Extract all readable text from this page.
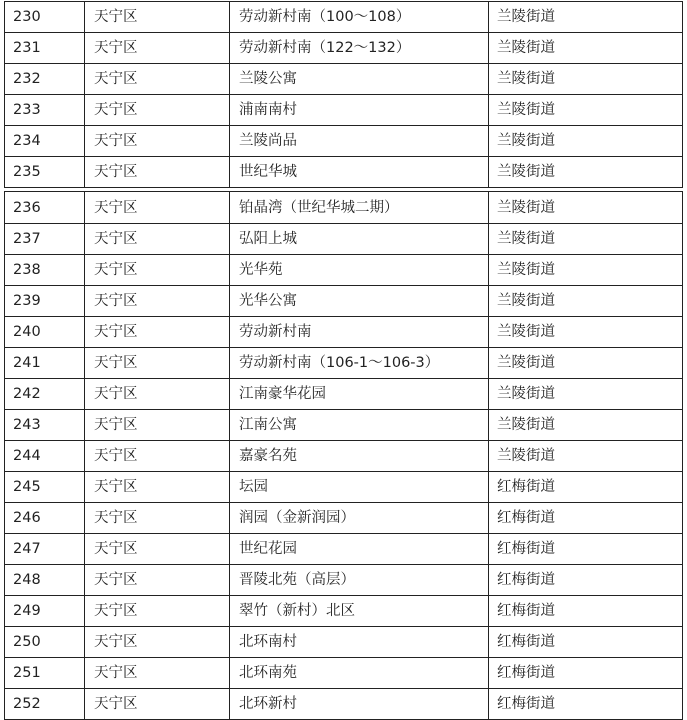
230	天宁区	劳动新村南（100～108）	兰陵街道
231	天宁区	劳动新村南（122～132）	兰陵街道
232	天宁区	兰陵公寓	兰陵街道
233	天宁区	浦南南村	兰陵街道
234	天宁区	兰陵尚品	兰陵街道
235	天宁区	世纪华城	兰陵街道
236	天宁区	铂晶湾（世纪华城二期）	兰陵街道
237	天宁区	弘阳上城	兰陵街道
238	天宁区	光华苑	兰陵街道
239	天宁区	光华公寓	兰陵街道
240	天宁区	劳动新村南	兰陵街道
241	天宁区	劳动新村南（106-1～106-3）	兰陵街道
242	天宁区	江南豪华花园	兰陵街道
243	天宁区	江南公寓	兰陵街道
244	天宁区	嘉豪名苑	兰陵街道
245	天宁区	坛园	红梅街道
246	天宁区	润园（金新润园）	红梅街道
247	天宁区	世纪花园	红梅街道
248	天宁区	晋陵北苑（高层）	红梅街道
249	天宁区	翠竹（新村）北区	红梅街道
250	天宁区	北环南村	红梅街道
251	天宁区	北环南苑	红梅街道
252	天宁区	北环新村	红梅街道
